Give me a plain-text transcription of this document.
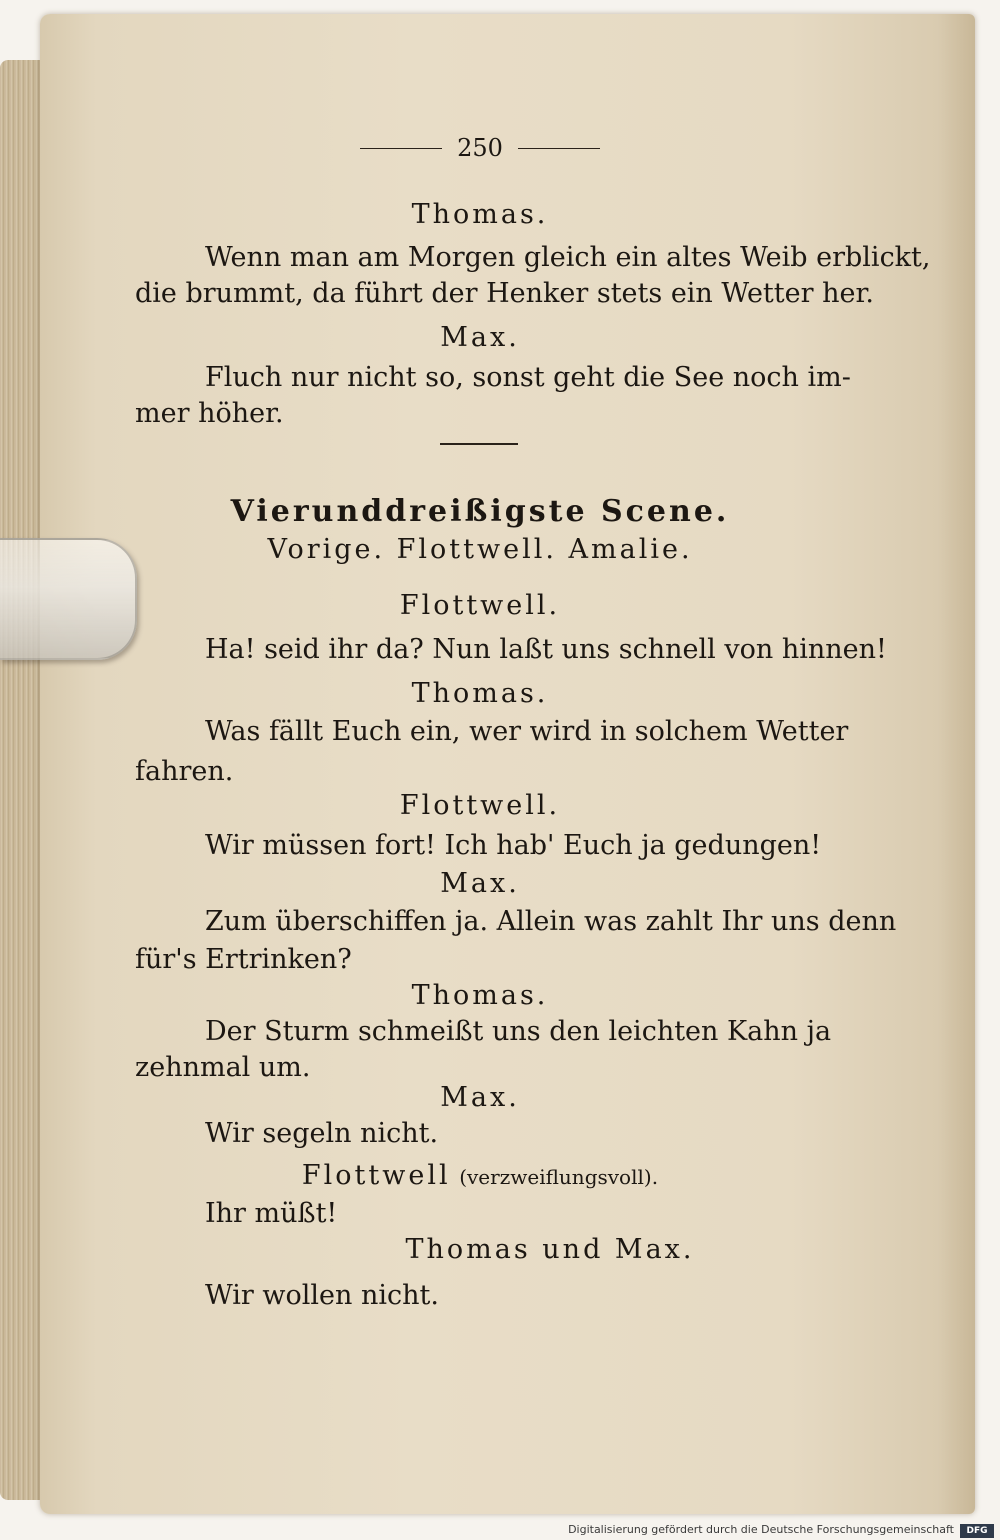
250
Thomas.
Wenn man am Morgen gleich ein altes Weib erblickt,
die brummt, da führt der Henker stets ein Wetter her.
Max.
Fluch nur nicht so, sonst geht die See noch im-
mer höher.
Vierunddreißigste Scene.
Vorige. Flottwell. Amalie.
Flottwell.
Ha! seid ihr da? Nun laßt uns schnell von hinnen!
Thomas.
Was fällt Euch ein, wer wird in solchem Wetter
fahren.
Flottwell.
Wir müssen fort! Ich hab' Euch ja gedungen!
Max.
Zum überschiffen ja. Allein was zahlt Ihr uns denn
für's Ertrinken?
Thomas.
Der Sturm schmeißt uns den leichten Kahn ja
zehnmal um.
Max.
Wir segeln nicht.
Flottwell (verzweiflungsvoll).
Ihr müßt!
Thomas und Max.
Wir wollen nicht.
Digitalisierung gefördert durch die Deutsche Forschungsgemeinschaft	DFG
